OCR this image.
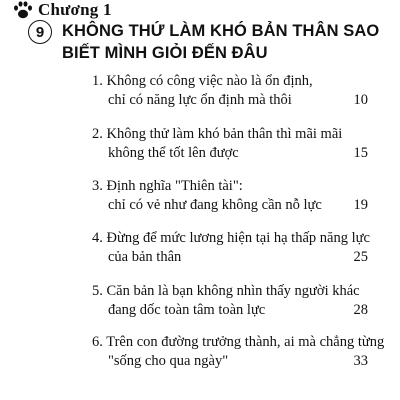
Chương 1
9	KHÔNG THỨ LÀM KHÓ BẢN THÂN SAO
BIẾT MÌNH GIỎI ĐẾN ĐÂU
1. Không có công việc nào là ổn định,
chỉ có năng lực ổn định mà thôi	10
2. Không thử làm khó bản thân thì mãi mãi
không thể tốt lên được	15
3. Định nghĩa "Thiên tài":
chỉ có vẻ như đang không cần nỗ lực	19
4. Đừng để mức lương hiện tại hạ thấp năng lực
của bản thân	25
5. Căn bản là bạn không nhìn thấy người khác
đang dốc toàn tâm toàn lực	28
6. Trên con đường trưởng thành, ai mà chẳng từng
"sống cho qua ngày"	33
